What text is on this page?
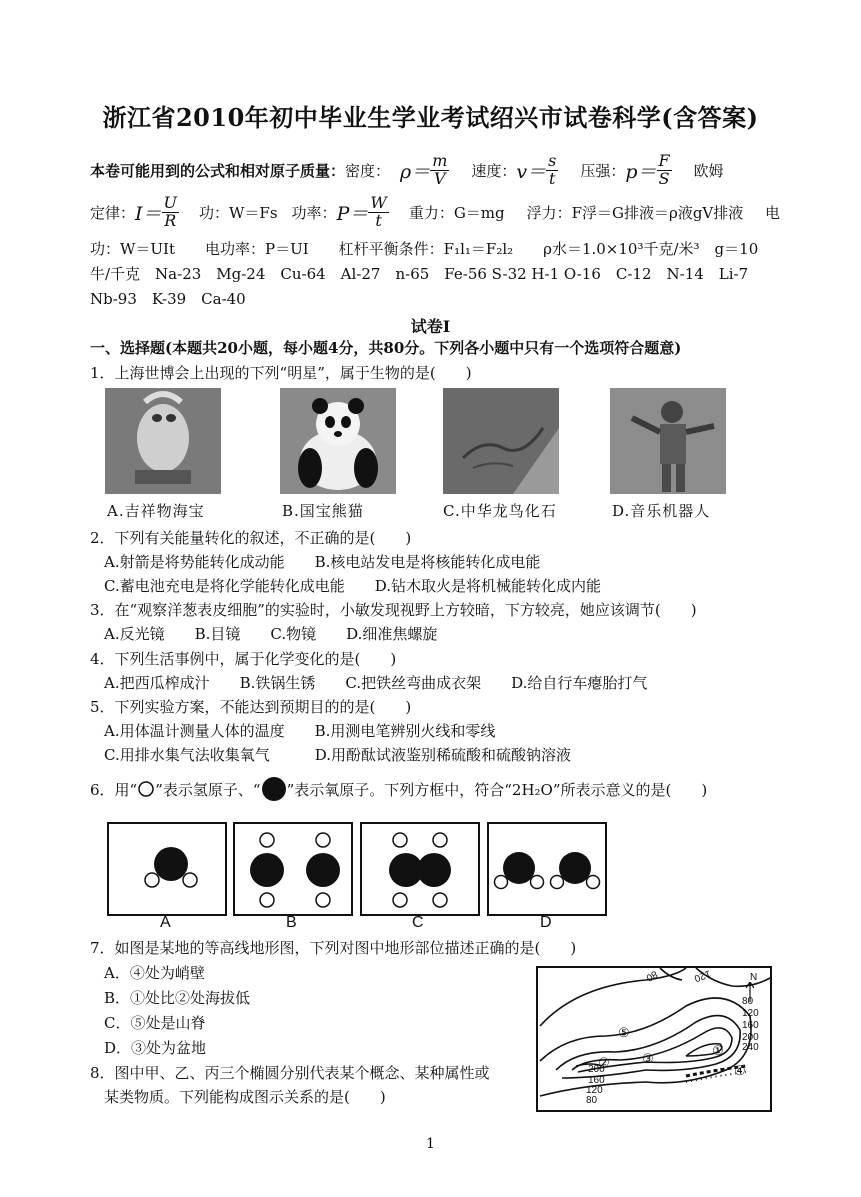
浙江省2010年初中毕业生学业考试绍兴市试卷科学(含答案)
本卷可能用到的公式和相对原子质量： 密度： $\rho= \frac{m}{V}$ 速度： $v= \frac{s}{t}$ 压强： $p= \frac{F}{S}$ 欧姆
定律： $I= \frac{U}{R}$ 功：W＝Fs 功率： $P= \frac{W}{t}$ 重力：G＝mg 浮力：F浮＝G排液＝ρ液gV排液 电
功：W＝UIt　　电功率：P＝UI　　杠杆平衡条件：F₁l₁＝F₂l₂　　ρ水＝1.0×10³千克/米³　g＝10
牛/千克　Na-23　Mg-24　Cu-64　Al-27　n-65　Fe-56 S-32 H-1 O-16　C-12　N-14　Li-7
Nb-93　K-39　Ca-40
试卷Ⅰ
一、选择题(本题共20小题，每小题4分，共80分。下列各小题中只有一个选项符合题意)
1．上海世博会上出现的下列“明星”，属于生物的是(　　)
A.吉祥物海宝	B.国宝熊猫	C.中华龙鸟化石	D.音乐机器人
2．下列有关能量转化的叙述，不正确的是(　　)
A.射箭是将势能转化成动能　　B.核电站发电是将核能转化成电能
C.蓄电池充电是将化学能转化成电能　　D.钻木取火是将机械能转化成内能
3．在“观察洋葱表皮细胞”的实验时，小敏发现视野上方较暗，下方较亮，她应该调节(　　)
A.反光镜　　B.目镜　　C.物镜　　D.细准焦螺旋
4．下列生活事例中，属于化学变化的是(　　)
A.把西瓜榨成汁　　B.铁锅生锈　　C.把铁丝弯曲成衣架　　D.给自行车瘪胎打气
5．下列实验方案，不能达到预期目的的是(　　)
A.用体温计测量人体的温度　　B.用测电笔辨别火线和零线
C.用排水集气法收集氧气　　　D.用酚酞试液鉴别稀硫酸和硫酸钠溶液
6．用“ ”表示氢原子、“ ”表示氧原子。下列方框中，符合“2H₂O”所表示意义的是(　　)
A	B	C	D
7．如图是某地的等高线地形图，下列对图中地形部位描述正确的是(　　)
A．④处为峭壁
B．①处比②处海拔低
C．⑤处是山脊
D．③处为盆地
80
120
160
200
240
200
160
120
80
120
80	N
①
② ③
④
⑤
8．图中甲、乙、丙三个椭圆分别代表某个概念、某种属性或
某类物质。下列能构成图示关系的是(　　)
1
